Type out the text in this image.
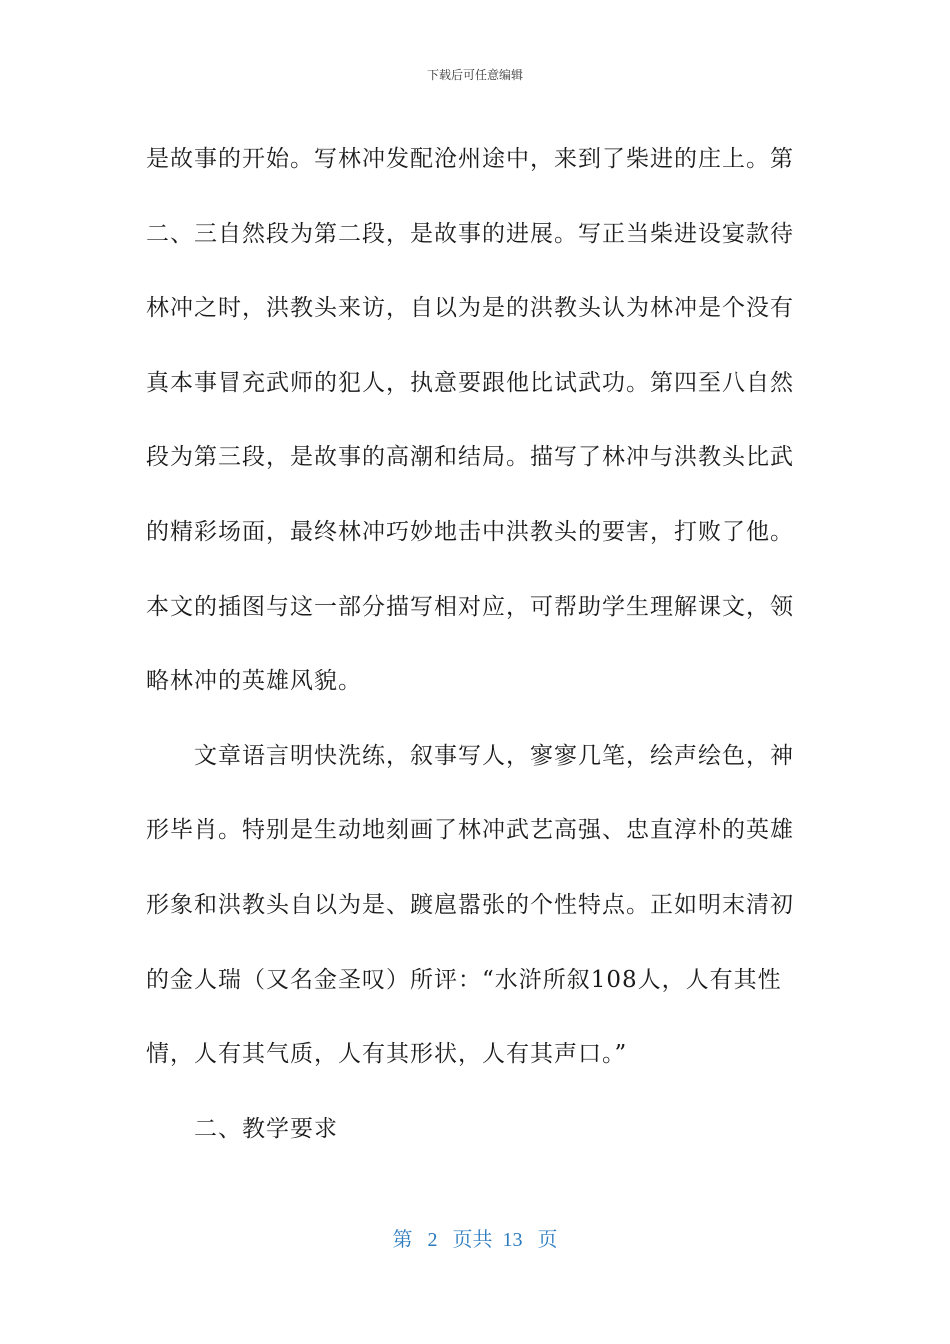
下载后可任意编辑

是故事的开始。写林冲发配沧州途中，来到了柴进的庄上。第二、三自然段为第二段，是故事的进展。写正当柴进设宴款待林冲之时，洪教头来访，自以为是的洪教头认为林冲是个没有真本事冒充武师的犯人，执意要跟他比试武功。第四至八自然段为第三段，是故事的高潮和结局。描写了林冲与洪教头比武的精彩场面，最终林冲巧妙地击中洪教头的要害，打败了他。本文的插图与这一部分描写相对应，可帮助学生理解课文，领略林冲的英雄风貌。

文章语言明快洗练，叙事写人，寥寥几笔，绘声绘色，神形毕肖。特别是生动地刻画了林冲武艺高强、忠直淳朴的英雄形象和洪教头自以为是、踱扈嚣张的个性特点。正如明末清初的金人瑞（又名金圣叹）所评：“水浒所叙108人，人有其性情，人有其气质，人有其形状，人有其声口。”

二、教学要求

第 2 页共 13 页
